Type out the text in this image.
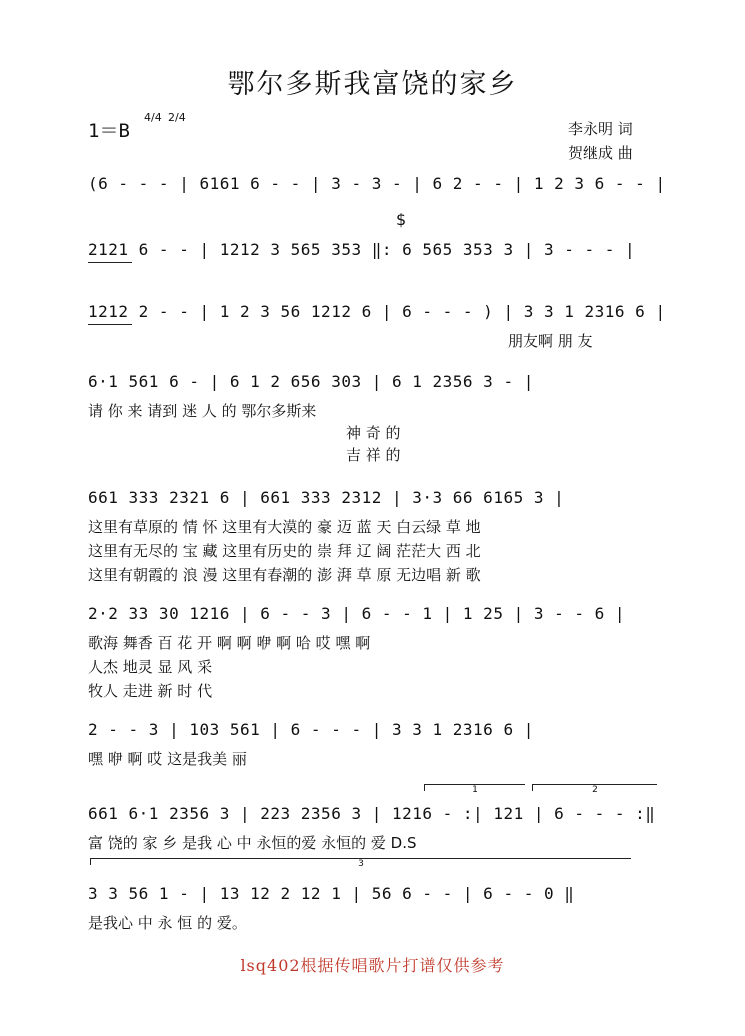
鄂尔多斯我富饶的家乡
1＝B
4/4 2/4
李永明 词
贺继成 曲
(6 - - - | 6161 6 - - | 3 - 3 - | 6 2 - - | 1 2 3 6 - - |
$
2121 6 - - | 1212 3 565 353 ‖: 6 565 353 3 | 3 - - - |
1212 2 - - | 1 2 3 56 1212 6 | 6 - - - ) | 3 3 1 2316 6 |
朋友啊 朋 友
6·1 561 6 - | 6 1 2 656 303 | 6 1 2356 3 - |
请 你 来 请到 迷 人 的 鄂尔多斯来
神 奇 的
吉 祥 的
661 333 2321 6 | 661 333 2312 | 3·3 66 6165 3 |
这里有草原的 情 怀 这里有大漠的 豪 迈 蓝 天 白云绿 草 地
这里有无尽的 宝 藏 这里有历史的 崇 拜 辽 阔 茫茫大 西 北
这里有朝霞的 浪 漫 这里有春潮的 澎 湃 草 原 无边唱 新 歌
2·2 33 30 1216 | 6 - - 3 | 6 - - 1 | 1 25 | 3 - - 6 |
歌海 舞香 百 花 开 啊 啊 咿 啊 哈 哎 嘿 啊
人杰 地灵 显 风 采
牧人 走进 新 时 代
2 - - 3 | 103 561 | 6 - - - | 3 3 1 2316 6 |
嘿 咿 啊 哎 这是我美 丽
1	2
661 6·1 2356 3 | 223 2356 3 | 1216 - :| 121 | 6 - - - :‖
富 饶的 家 乡 是我 心 中 永恒的爱 永恒的 爱 D.S
3
3 3 56 1 - | 13 12 2 12 1 | 56 6 - - | 6 - - 0 ‖
是我心 中 永 恒 的 爱。
lsq402根据传唱歌片打谱仅供参考
